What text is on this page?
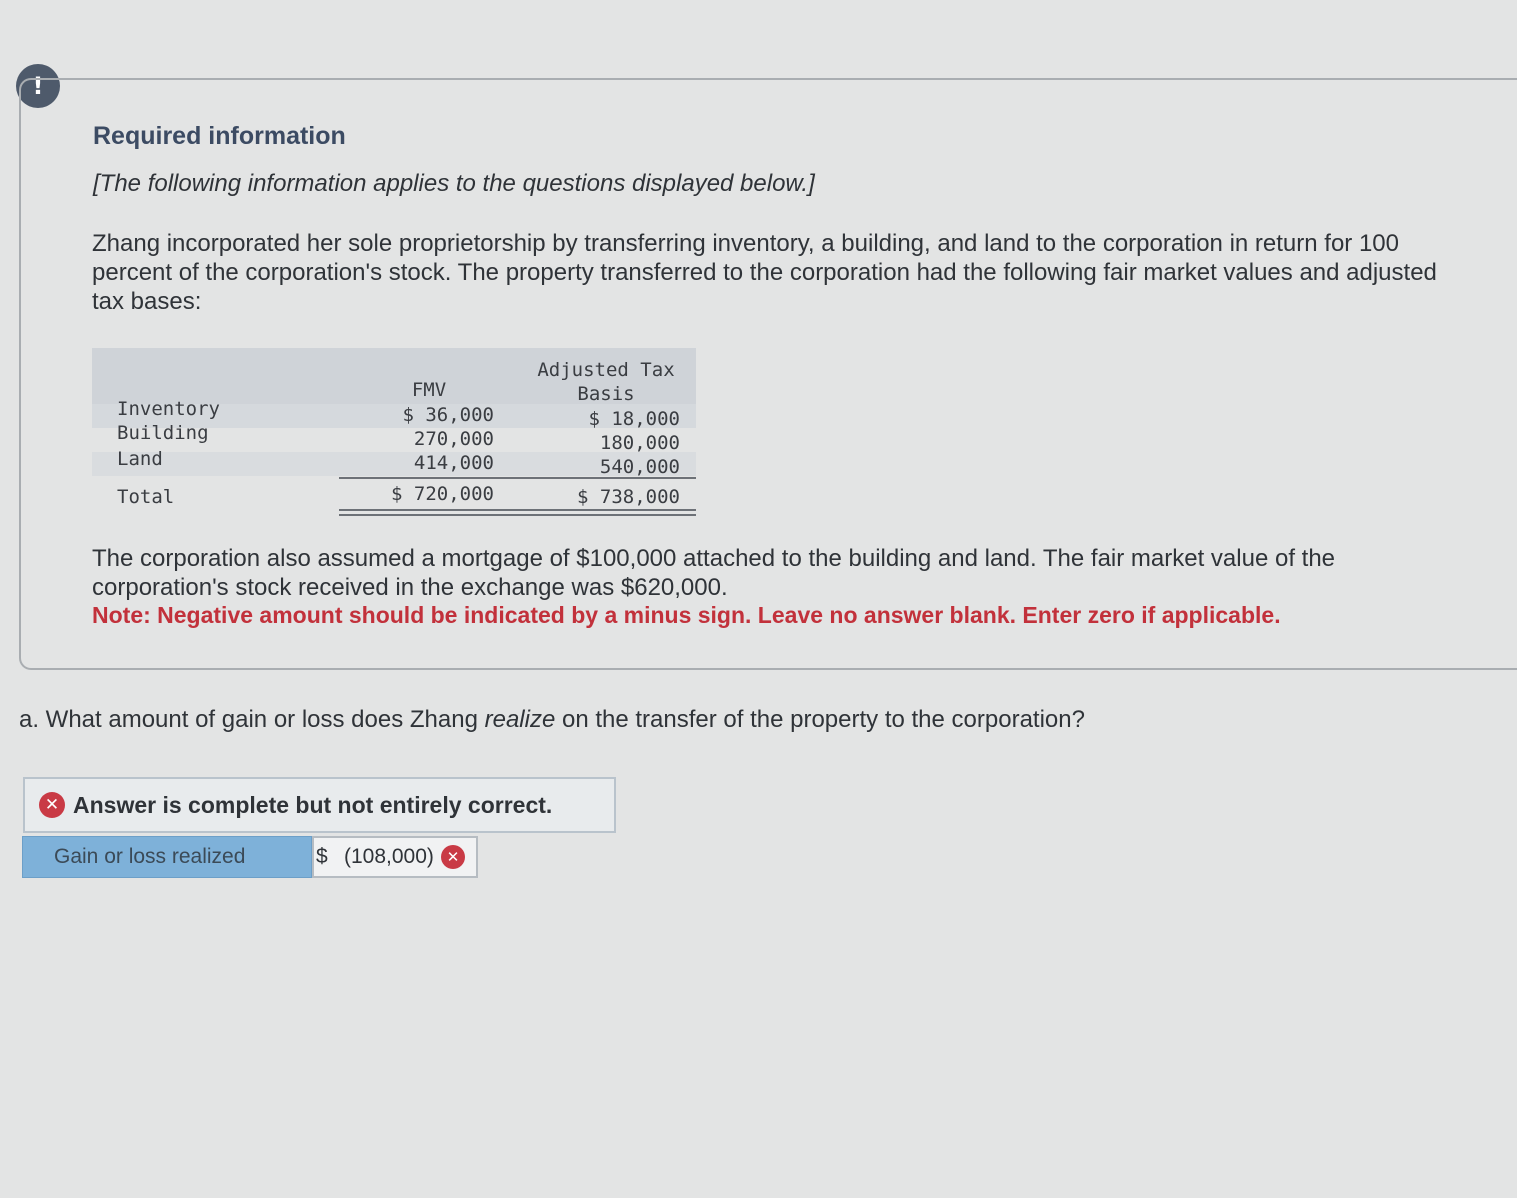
!
Required information
[The following information applies to the questions displayed below.]
Zhang incorporated her sole proprietorship by transferring inventory, a building, and land to the corporation in return for 100 percent of the corporation's stock. The property transferred to the corporation had the following fair market values and adjusted tax bases:
FMV
Adjusted Tax
Basis
Inventory	$ 36,000	$ 18,000
Building	270,000	180,000
Land	414,000	540,000
Total	$ 720,000	$ 738,000
The corporation also assumed a mortgage of $100,000 attached to the building and land. The fair market value of the corporation's stock received in the exchange was $620,000.
Note: Negative amount should be indicated by a minus sign. Leave no answer blank. Enter zero if applicable.
a. What amount of gain or loss does Zhang realize on the transfer of the property to the corporation?
✕ Answer is complete but not entirely correct.
Gain or loss realized	$ (108,000) ✕
